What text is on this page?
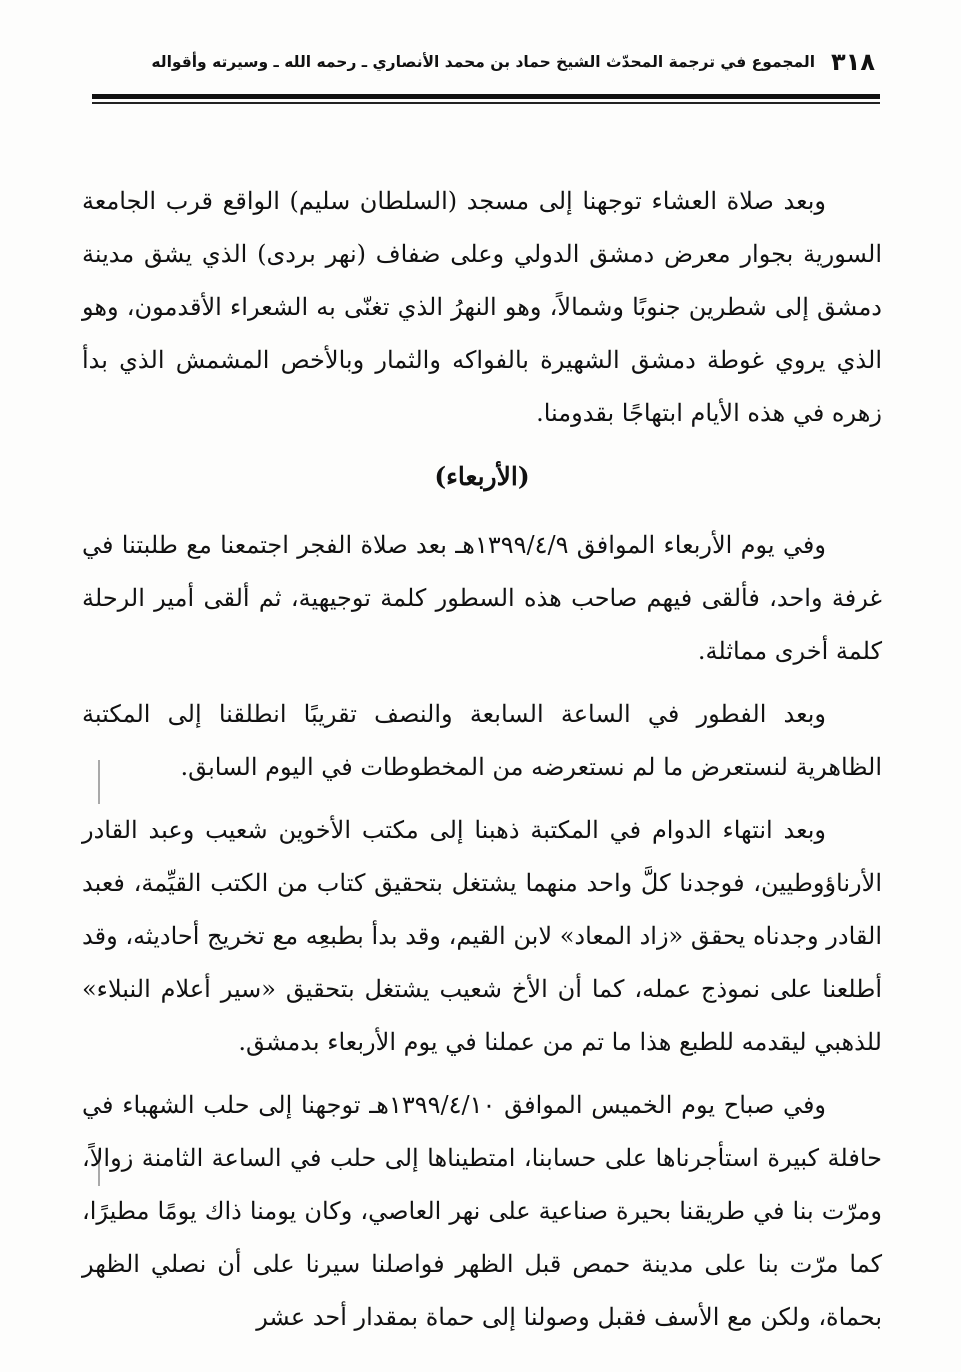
٣١٨
المجموع في ترجمة المحدّث الشيخ حماد بن محمد الأنصاري ـ رحمه الله ـ وسيرته وأقواله

وبعد صلاة العشاء توجهنا إلى مسجد (السلطان سليم) الواقع قرب الجامعة السورية بجوار معرض دمشق الدولي وعلى ضفاف (نهر بردى) الذي يشق مدينة دمشق إلى شطرين جنوبًا وشمالاً، وهو النهرُ الذي تغنّى به الشعراء الأقدمون، وهو الذي يروي غوطة دمشق الشهيرة بالفواكه والثمار وبالأخص المشمش الذي بدأ زهره في هذه الأيام ابتهاجًا بقدومنا.

(الأربعاء)

وفي يوم الأربعاء الموافق ١٣٩٩/٤/٩هـ بعد صلاة الفجر اجتمعنا مع طلبتنا في غرفة واحد، فألقى فيهم صاحب هذه السطور كلمة توجيهية، ثم ألقى أمير الرحلة كلمة أخرى مماثلة.

وبعد الفطور في الساعة السابعة والنصف تقريبًا انطلقنا إلى المكتبة الظاهرية لنستعرض ما لم نستعرضه من المخطوطات في اليوم السابق.

وبعد انتهاء الدوام في المكتبة ذهبنا إلى مكتب الأخوين شعيب وعبد القادر الأرناؤوطيين، فوجدنا كلَّ واحد منهما يشتغل بتحقيق كتاب من الكتب القيِّمة، فعبد القادر وجدناه يحقق «زاد المعاد» لابن القيم، وقد بدأ بطبعِه مع تخريج أحاديثه، وقد أطلعنا على نموذج عمله، كما أن الأخ شعيب يشتغل بتحقيق «سير أعلام النبلاء» للذهبي ليقدمه للطبع هذا ما تم من عملنا في يوم الأربعاء بدمشق.

وفي صباح يوم الخميس الموافق ١٣٩٩/٤/١٠هـ توجهنا إلى حلب الشهباء في حافلة كبيرة استأجرناها على حسابنا، امتطيناها إلى حلب في الساعة الثامنة زوالاً، ومرّت بنا في طريقنا بحيرة صناعية على نهر العاصي، وكان يومنا ذاك يومًا مطيرًا، كما مرّت بنا على مدينة حمص قبل الظهر فواصلنا سيرنا على أن نصلي الظهر بحماة، ولكن مع الأسف فقبل وصولنا إلى حماة بمقدار أحد عشر
